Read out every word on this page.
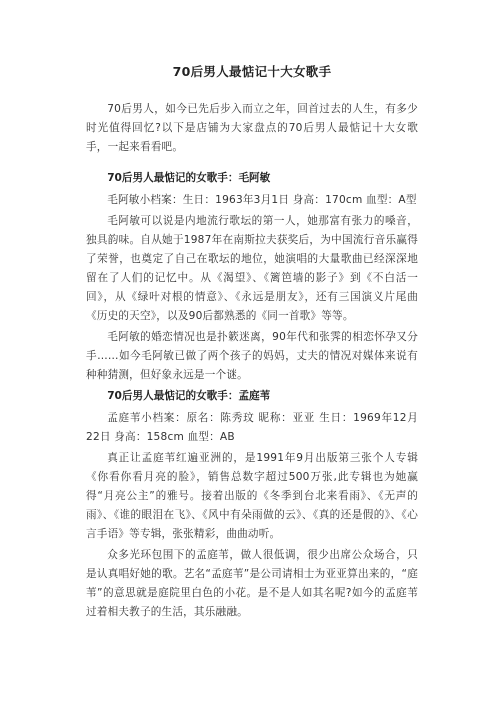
70后男人最惦记十大女歌手

70后男人，如今已先后步入而立之年，回首过去的人生，有多少时光值得回忆?以下是店铺为大家盘点的70后男人最惦记十大女歌手，一起来看看吧。

70后男人最惦记的女歌手：毛阿敏

毛阿敏小档案：生日：1963年3月1日 身高：170cm 血型：A型

毛阿敏可以说是内地流行歌坛的第一人，她那富有张力的嗓音，独具韵味。自从她于1987年在南斯拉夫获奖后，为中国流行音乐赢得了荣誉，也奠定了自己在歌坛的地位，她演唱的大量歌曲已经深深地留在了人们的记忆中。从《渴望》、《篱笆墙的影子》到《不白活一回》，从《绿叶对根的情意》、《永远是朋友》，还有三国演义片尾曲《历史的天空》，以及90后都熟悉的《同一首歌》等等。

毛阿敏的婚恋情况也是扑簌迷离，90年代和张霁的相恋怀孕又分手……如今毛阿敏已做了两个孩子的妈妈，丈夫的情况对媒体来说有种种猜测，但好象永远是一个谜。

70后男人最惦记的女歌手：孟庭苇

孟庭苇小档案：原名：陈秀玟 昵称：亚亚 生日：1969年12月22日 身高：158cm 血型：AB

真正让孟庭苇红遍亚洲的，是1991年9月出版第三张个人专辑《你看你看月亮的脸》，销售总数字超过500万张,此专辑也为她赢得“月亮公主”的雅号。接着出版的《冬季到台北来看雨》、《无声的雨》、《谁的眼泪在飞》、《风中有朵雨做的云》、《真的还是假的》、《心言手语》等专辑，张张精彩，曲曲动听。

众多光环包围下的孟庭苇，做人很低调，很少出席公众场合，只是认真唱好她的歌。艺名“孟庭苇”是公司请相士为亚亚算出来的，“庭苇”的意思就是庭院里白色的小花。是不是人如其名呢?如今的孟庭苇过着相夫教子的生活，其乐融融。
